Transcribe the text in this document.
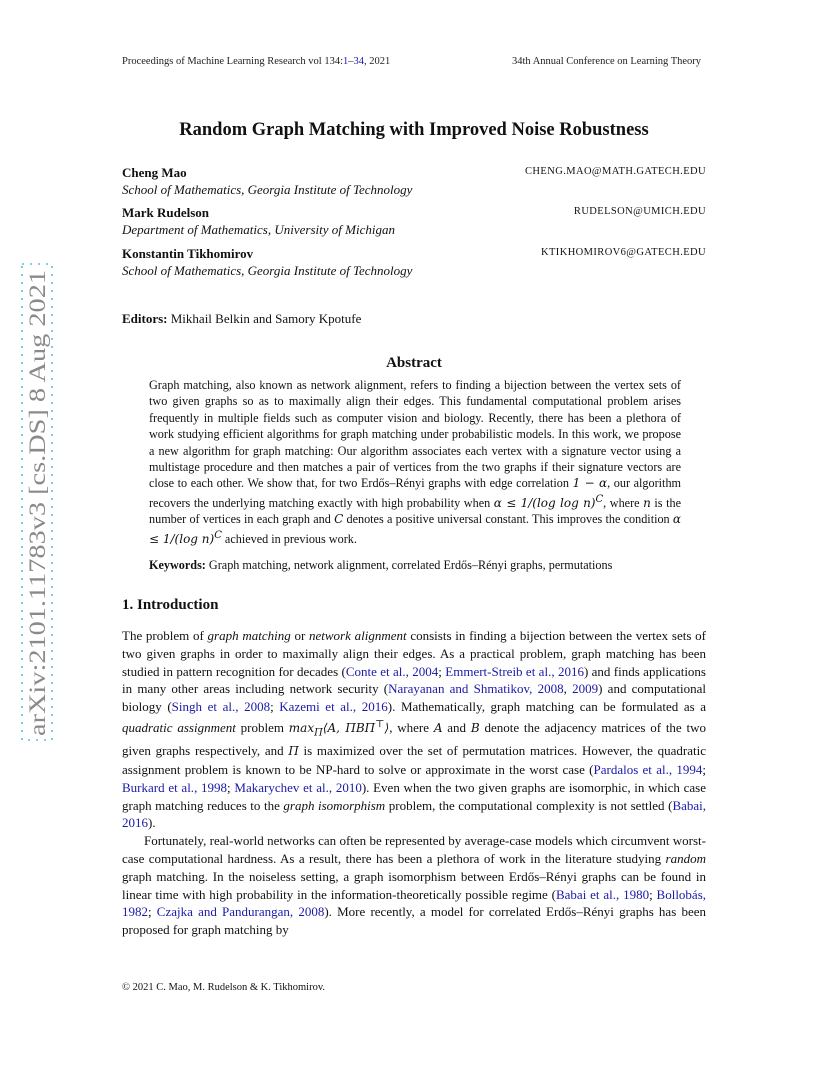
Proceedings of Machine Learning Research vol 134:1–34, 2021	34th Annual Conference on Learning Theory
arXiv:2101.11783v3 [cs.DS] 8 Aug 2021
Random Graph Matching with Improved Noise Robustness
Cheng Mao
School of Mathematics, Georgia Institute of Technology
CHENG.MAO@MATH.GATECH.EDU
Mark Rudelson
Department of Mathematics, University of Michigan
RUDELSON@UMICH.EDU
Konstantin Tikhomirov
School of Mathematics, Georgia Institute of Technology
KTIKHOMIROV6@GATECH.EDU
Editors: Mikhail Belkin and Samory Kpotufe
Abstract
Graph matching, also known as network alignment, refers to finding a bijection between the vertex sets of two given graphs so as to maximally align their edges. This fundamental computational problem arises frequently in multiple fields such as computer vision and biology. Recently, there has been a plethora of work studying efficient algorithms for graph matching under probabilistic models. In this work, we propose a new algorithm for graph matching: Our algorithm associates each vertex with a signature vector using a multistage procedure and then matches a pair of vertices from the two graphs if their signature vectors are close to each other. We show that, for two Erdős–Rényi graphs with edge correlation 1 − α, our algorithm recovers the underlying matching exactly with high probability when α ≤ 1/(log log n)$^C$, where n is the number of vertices in each graph and C denotes a positive universal constant. This improves the condition α ≤ 1/(log n)$^C$ achieved in previous work.
Keywords: Graph matching, network alignment, correlated Erdős–Rényi graphs, permutations
1. Introduction

The problem of graph matching or network alignment consists in finding a bijection between the vertex sets of two given graphs in order to maximally align their edges. As a practical problem, graph matching has been studied in pattern recognition for decades (Conte et al., 2004; Emmert-Streib et al., 2016) and finds applications in many other areas including network security (Narayanan and Shmatikov, 2008, 2009) and computational biology (Singh et al., 2008; Kazemi et al., 2016). Mathematically, graph matching can be formulated as a quadratic assignment problem $\max_\Pi⟨A$, ΠBΠ⊤⟩, where A and B denote the adjacency matrices of the two given graphs respectively, and Π is maximized over the set of permutation matrices. However, the quadratic assignment problem is known to be NP-hard to solve or approximate in the worst case (Pardalos et al., 1994; Burkard et al., 1998; Makarychev et al., 2010). Even when the two given graphs are isomorphic, in which case graph matching reduces to the graph isomorphism problem, the computational complexity is not settled (Babai, 2016).

Fortunately, real-world networks can often be represented by average-case models which circumvent worst-case computational hardness. As a result, there has been a plethora of work in the literature studying random graph matching. In the noiseless setting, a graph isomorphism between Erdős–Rényi graphs can be found in linear time with high probability in the information-theoretically possible regime (Babai et al., 1980; Bollobás, 1982; Czajka and Pandurangan, 2008). More recently, a model for correlated Erdős–Rényi graphs has been proposed for graph matching by

© 2021 C. Mao, M. Rudelson & K. Tikhomirov.
